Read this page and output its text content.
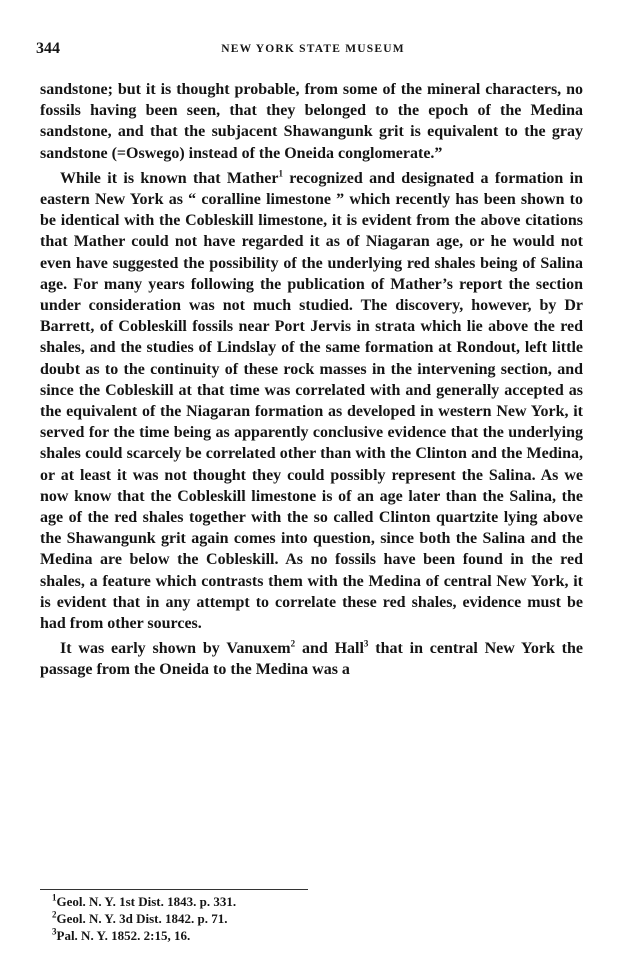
344	NEW YORK STATE MUSEUM

sandstone; but it is thought probable, from some of the mineral characters, no fossils having been seen, that they belonged to the epoch of the Medina sandstone, and that the subjacent Shawangunk grit is equivalent to the gray sandstone (=Oswego) instead of the Oneida conglomerate.”

While it is known that Mather$^1$ recognized and designated a formation in eastern New York as “ coralline limestone ” which recently has been shown to be identical with the Cobleskill limestone, it is evident from the above citations that Mather could not have regarded it as of Niagaran age, or he would not even have suggested the possibility of the underlying red shales being of Salina age. For many years following the publication of Mather’s report the section under consideration was not much studied. The discovery, however, by Dr Barrett, of Cobleskill fossils near Port Jervis in strata which lie above the red shales, and the studies of Lindslay of the same formation at Rondout, left little doubt as to the continuity of these rock masses in the intervening section, and since the Cobleskill at that time was correlated with and generally accepted as the equivalent of the Niagaran formation as developed in western New York, it served for the time being as apparently conclusive evidence that the underlying shales could scarcely be correlated other than with the Clinton and the Medina, or at least it was not thought they could possibly represent the Salina. As we now know that the Cobleskill limestone is of an age later than the Salina, the age of the red shales together with the so called Clinton quartzite lying above the Shawangunk grit again comes into question, since both the Salina and the Medina are below the Cobleskill. As no fossils have been found in the red shales, a feature which contrasts them with the Medina of central New York, it is evident that in any attempt to correlate these red shales, evidence must be had from other sources.

It was early shown by Vanuxem$^2$ and Hall$^3$ that in central New York the passage from the Oneida to the Medina was a

$^1$Geol. N. Y. 1st Dist. 1843. p. 331.
$^2$Geol. N. Y. 3d Dist. 1842. p. 71.
$^3$Pal. N. Y. 1852. 2:15, 16.
